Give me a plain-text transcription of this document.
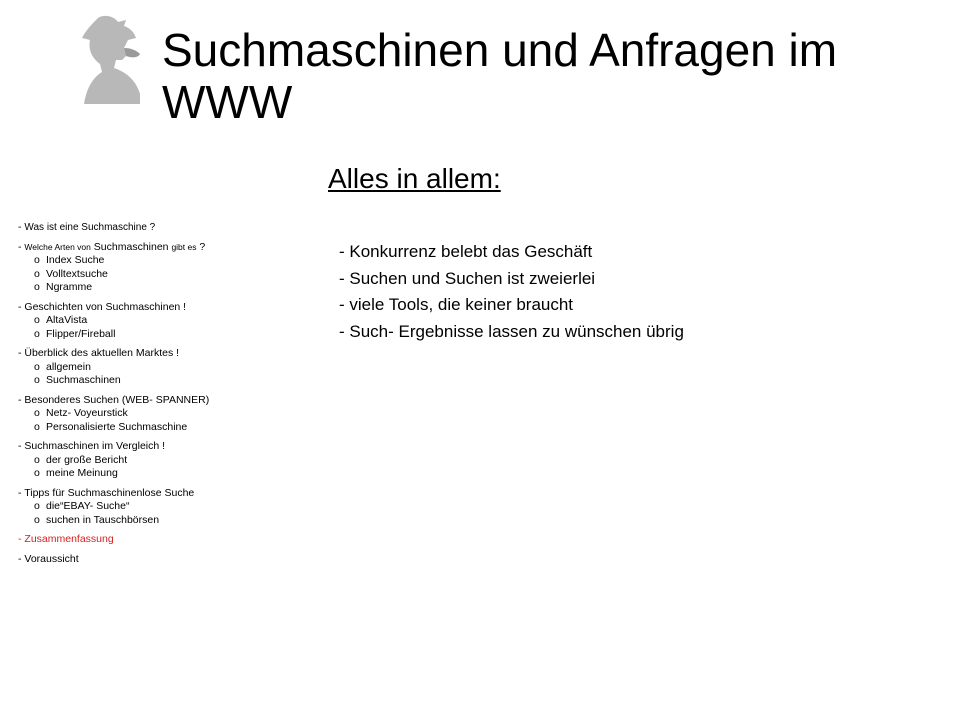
Suchmaschinen und Anfragen im WWW
Alles in allem:
- Was ist eine Suchmaschine ?
- Welche Arten von Suchmaschinen gibt es ?
o Index Suche
o Volltextsuche
o Ngramme
- Geschichten von Suchmaschinen !
o AltaVista
o Flipper/Fireball
- Überblick des aktuellen Marktes !
o allgemein
o Suchmaschinen
- Besonderes Suchen (WEB- SPANNER)
o Netz- Voyeurstick
o Personalisierte Suchmaschine
- Suchmaschinen im Vergleich !
o der große Bericht
o meine Meinung
- Tipps für Suchmaschinenlose Suche
o die“EBAY- Suche“
o suchen in Tauschbörsen
- Zusammenfassung
- Voraussicht
- Konkurrenz belebt das Geschäft
- Suchen und Suchen ist zweierlei
- viele Tools, die keiner braucht
- Such- Ergebnisse lassen zu wünschen übrig
